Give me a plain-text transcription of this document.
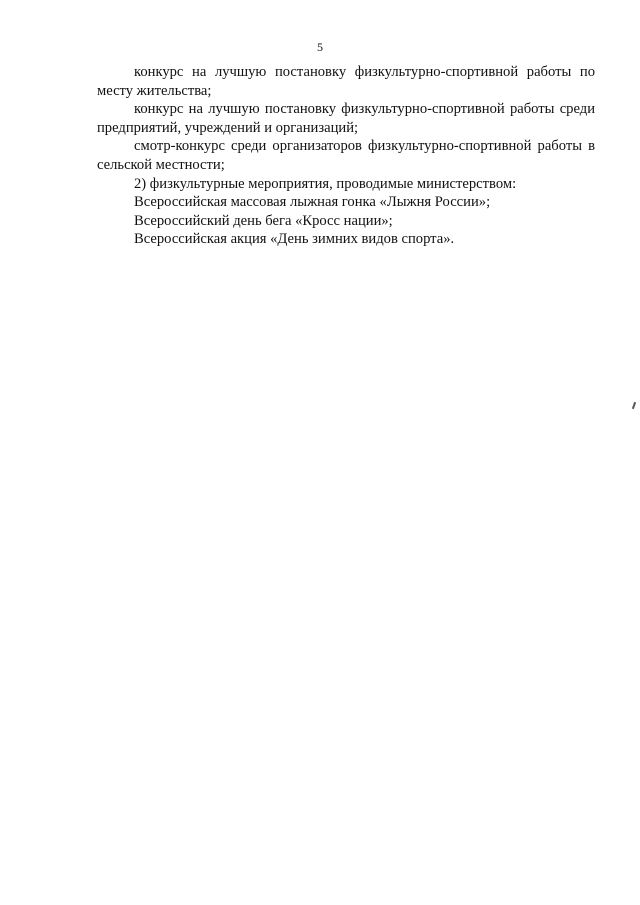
5

конкурс на лучшую постановку физкультурно-спортивной работы по месту жительства;

конкурс на лучшую постановку физкультурно-спортивной работы среди предприятий, учреждений и организаций;

смотр-конкурс среди организаторов физкультурно-спортивной работы в сельской местности;

2) физкультурные мероприятия, проводимые министерством:

Всероссийская массовая лыжная гонка «Лыжня России»;

Всероссийский день бега «Кросс нации»;

Всероссийская акция «День зимних видов спорта».
